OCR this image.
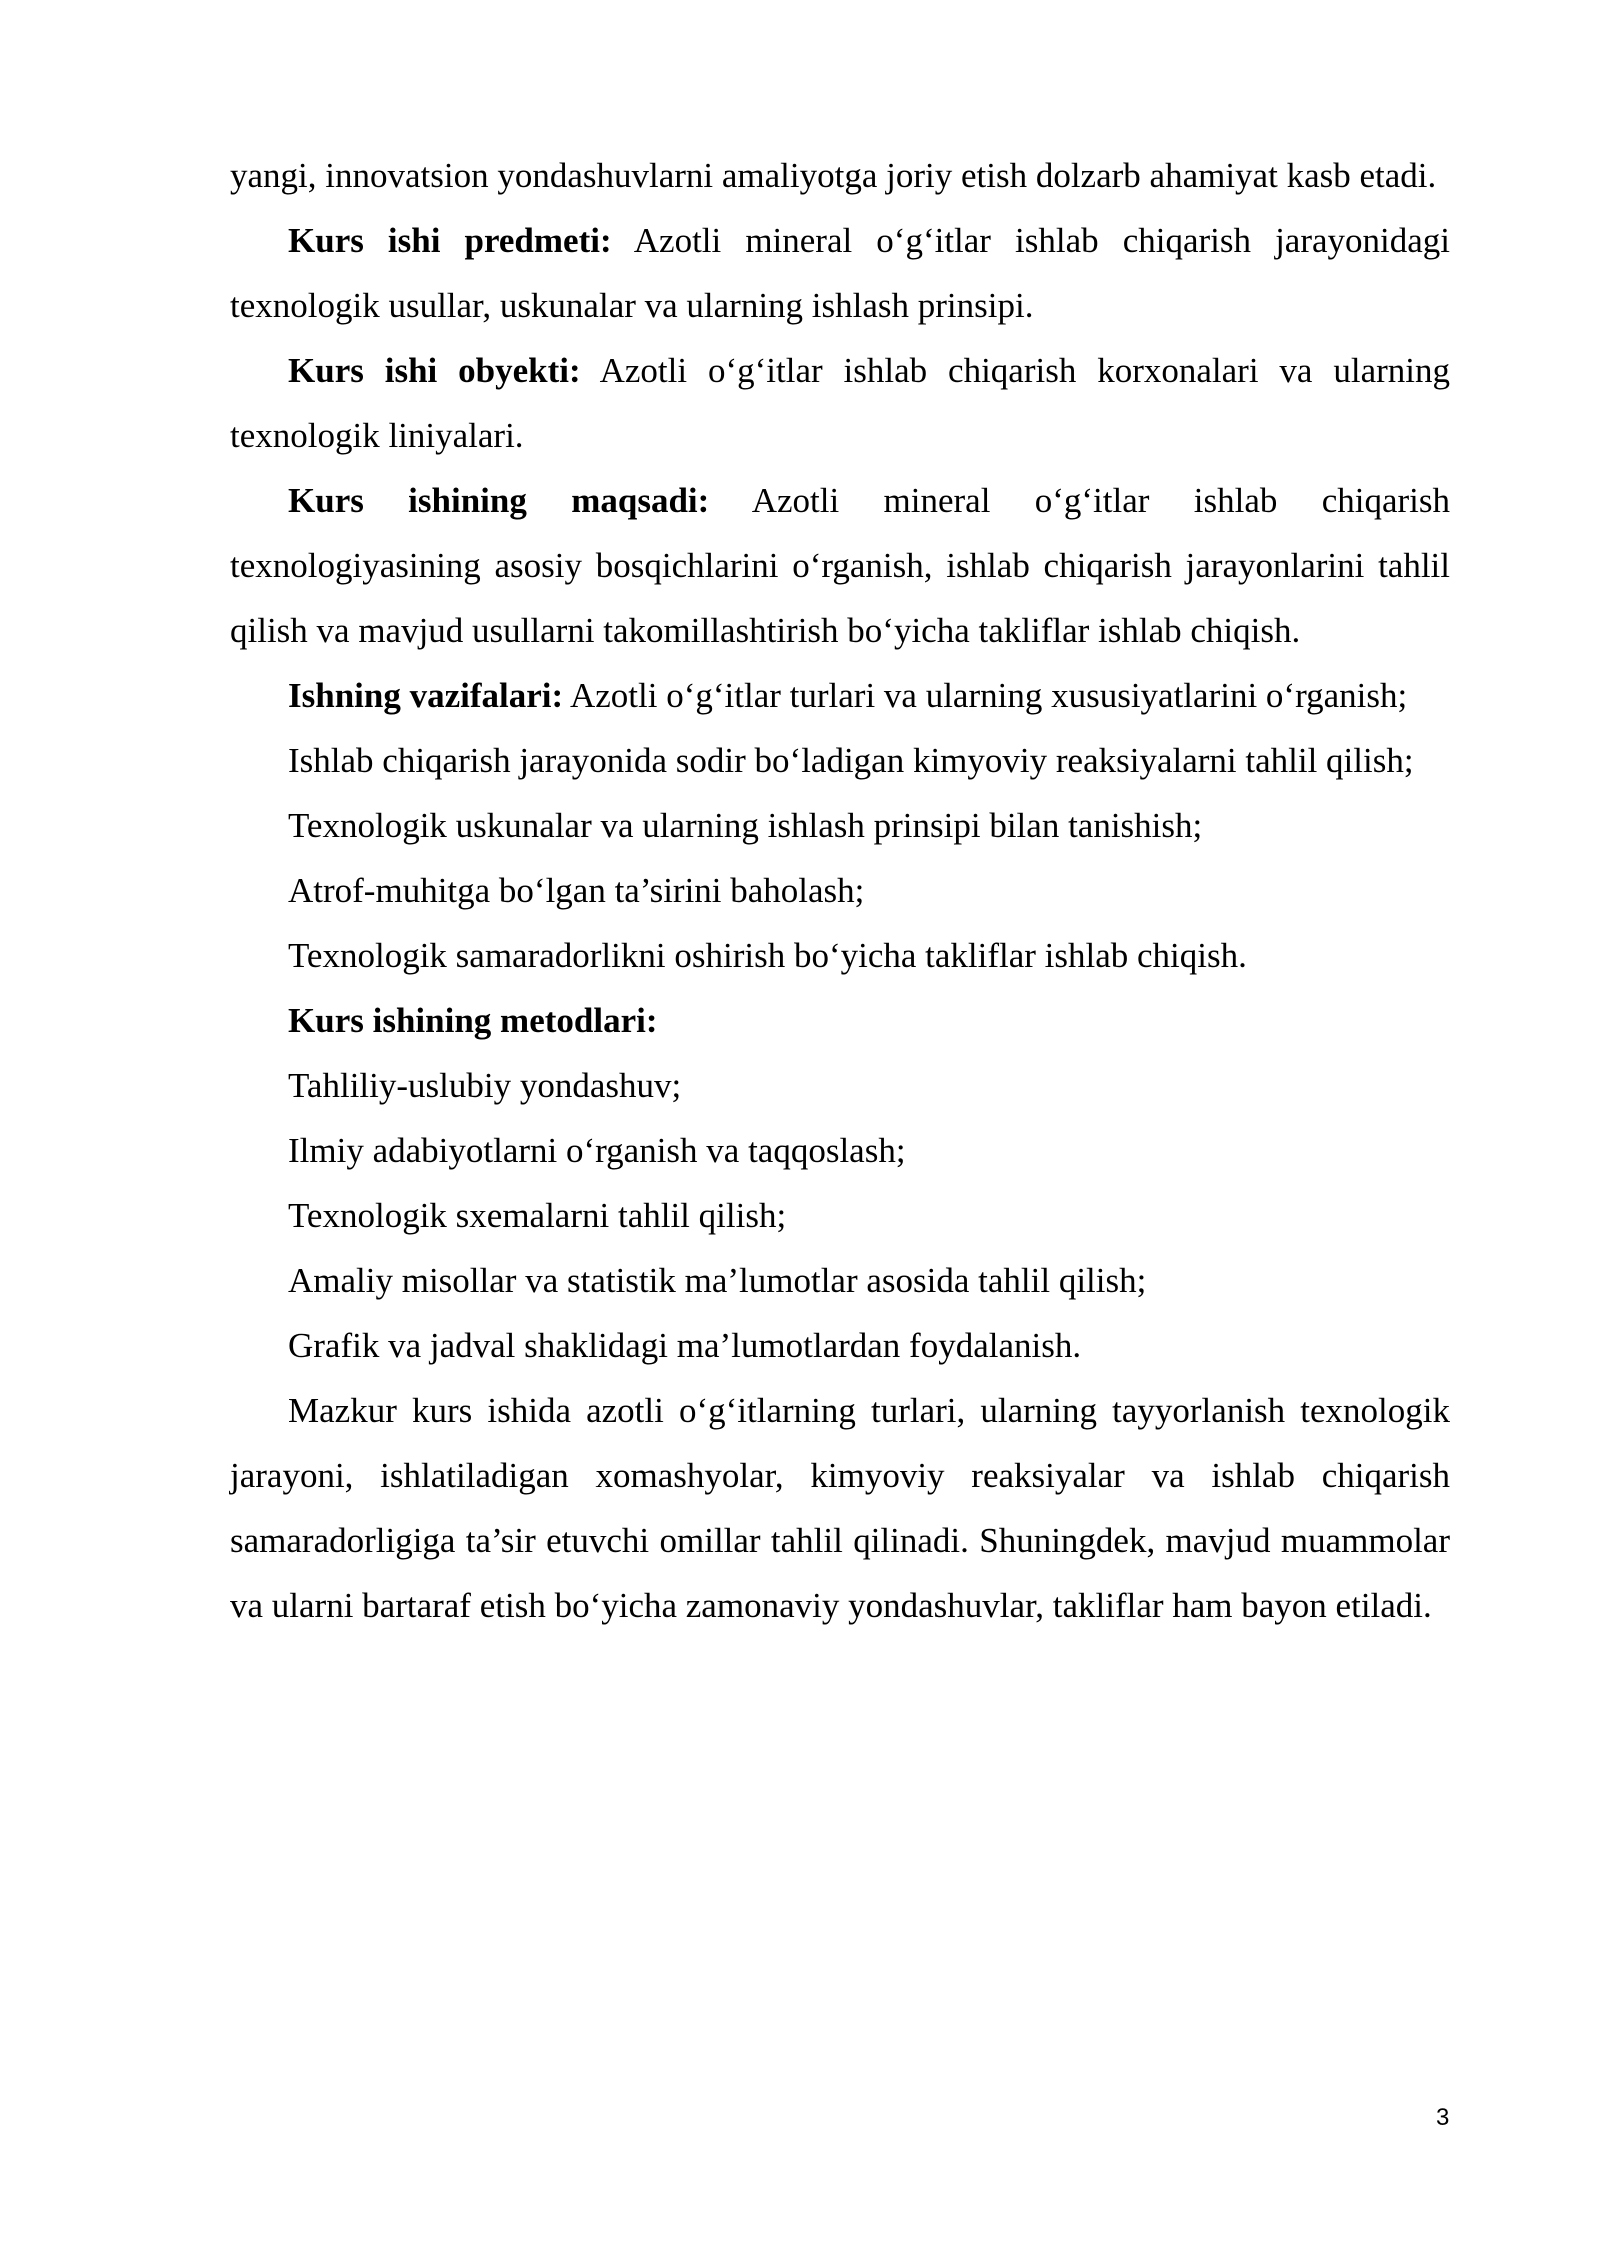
yangi, innovatsion yondashuvlarni amaliyotga joriy etish dolzarb ahamiyat kasb etadi.

Kurs ishi predmeti: Azotli mineral o‘g‘itlar ishlab chiqarish jarayonidagi texnologik usullar, uskunalar va ularning ishlash prinsipi.

Kurs ishi obyekti: Azotli o‘g‘itlar ishlab chiqarish korxonalari va ularning texnologik liniyalari.

Kurs ishining maqsadi: Azotli mineral o‘g‘itlar ishlab chiqarish texnologiyasining asosiy bosqichlarini o‘rganish, ishlab chiqarish jarayonlarini tahlil qilish va mavjud usullarni takomillashtirish bo‘yicha takliflar ishlab chiqish.

Ishning vazifalari: Azotli o‘g‘itlar turlari va ularning xususiyatlarini o‘rganish;

Ishlab chiqarish jarayonida sodir bo‘ladigan kimyoviy reaksiyalarni tahlil qilish;

Texnologik uskunalar va ularning ishlash prinsipi bilan tanishish;

Atrof-muhitga bo‘lgan ta’sirini baholash;

Texnologik samaradorlikni oshirish bo‘yicha takliflar ishlab chiqish.

Kurs ishining metodlari:

Tahliliy-uslubiy yondashuv;

Ilmiy adabiyotlarni o‘rganish va taqqoslash;

Texnologik sxemalarni tahlil qilish;

Amaliy misollar va statistik ma’lumotlar asosida tahlil qilish;

Grafik va jadval shaklidagi ma’lumotlardan foydalanish.

Mazkur kurs ishida azotli o‘g‘itlarning turlari, ularning tayyorlanish texnologik jarayoni, ishlatiladigan xomashyolar, kimyoviy reaksiyalar va ishlab chiqarish samaradorligiga ta’sir etuvchi omillar tahlil qilinadi. Shuningdek, mavjud muammolar va ularni bartaraf etish bo‘yicha zamonaviy yondashuvlar, takliflar ham bayon etiladi.

3
